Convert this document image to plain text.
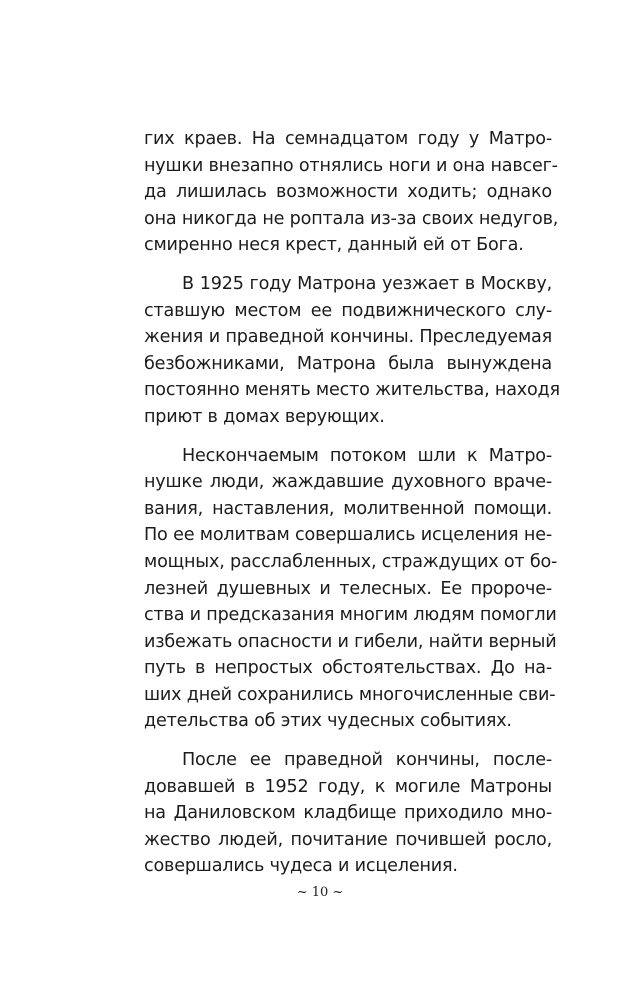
гих краев. На семнадцатом году у Матро-
нушки внезапно отнялись ноги и она навсег-
да лишилась возможности ходить; однако
она никогда не роптала из-за своих недугов,
смиренно неся крест, данный ей от Бога.

В 1925 году Матрона уезжает в Москву,
ставшую местом ее подвижнического слу-
жения и праведной кончины. Преследуемая
безбожниками, Матрона была вынуждена
постоянно менять место жительства, находя
приют в домах верующих.

Нескончаемым потоком шли к Матро-
нушке люди, жаждавшие духовного враче-
вания, наставления, молитвенной помощи.
По ее молитвам совершались исцеления не-
мощных, расслабленных, страждущих от бо-
лезней душевных и телесных. Ее пророче-
ства и предсказания многим людям помогли
избежать опасности и гибели, найти верный
путь в непростых обстоятельствах. До на-
ших дней сохранились многочисленные сви-
детельства об этих чудесных событиях.

После ее праведной кончины, после-
довавшей в 1952 году, к могиле Матроны
на Даниловском кладбище приходило мно-
жество людей, почитание почившей росло,
совершались чудеса и исцеления.

~ 10 ~
